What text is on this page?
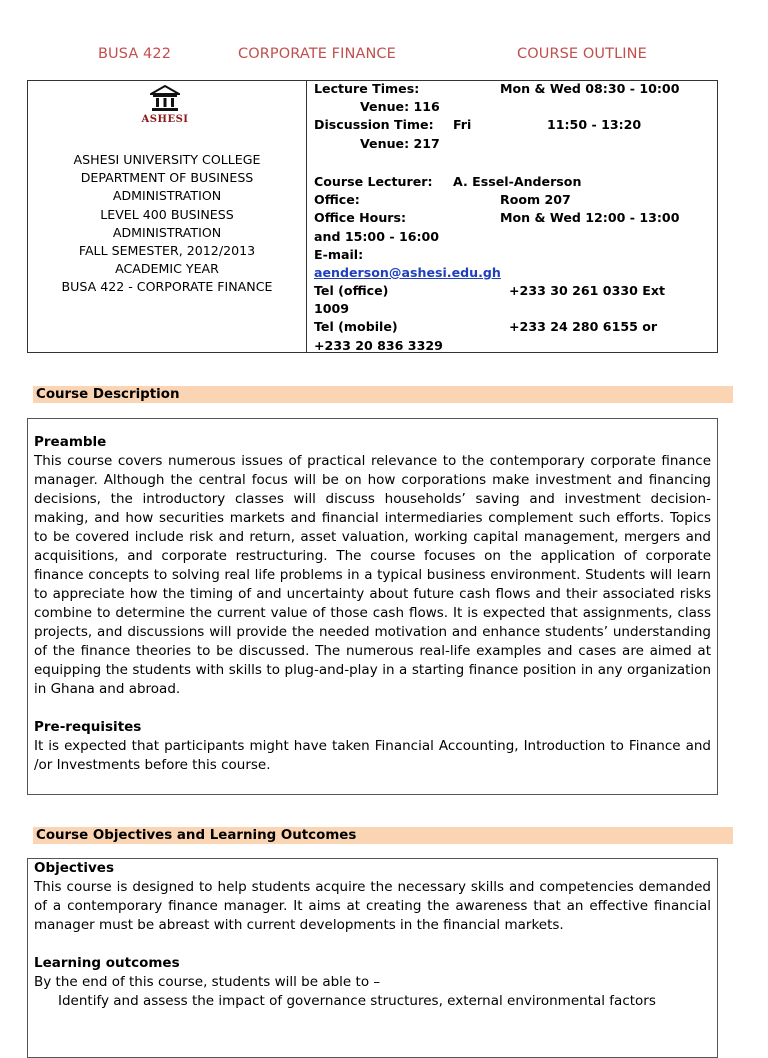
BUSA 422	CORPORATE FINANCE	COURSE OUTLINE
ASHESI
ASHESI UNIVERSITY COLLEGE
DEPARTMENT OF BUSINESS
ADMINISTRATION
LEVEL 400 BUSINESS
ADMINISTRATION
FALL SEMESTER, 2012/2013
ACADEMIC YEAR
BUSA 422 - CORPORATE FINANCE
Lecture Times:	Mon & Wed 08:30 - 10:00
Venue: 116
Discussion Time: Fri	11:50 - 13:20
Venue: 217
Course Lecturer: A. Essel-Anderson
Office:	Room 207
Office Hours:	Mon & Wed 12:00 - 13:00
and 15:00 - 16:00
E-mail:
aenderson@ashesi.edu.gh
Tel (office)	+233 30 261 0330 Ext
1009
Tel (mobile)	+233 24 280 6155 or
+233 20 836 3329
Course Description
Preamble

This course covers numerous issues of practical relevance to the contemporary corporate finance manager. Although the central focus will be on how corporations make investment and financing decisions, the introductory classes will discuss households’ saving and investment decision-making, and how securities markets and financial intermediaries complement such efforts. Topics to be covered include risk and return, asset valuation, working capital management, mergers and acquisitions, and corporate restructuring. The course focuses on the application of corporate finance concepts to solving real life problems in a typical business environment. Students will learn to appreciate how the timing of and uncertainty about future cash flows and their associated risks combine to determine the current value of those cash flows. It is expected that assignments, class projects, and discussions will provide the needed motivation and enhance students’ understanding of the finance theories to be discussed. The numerous real-life examples and cases are aimed at equipping the students with skills to plug-and-play in a starting finance position in any organization in Ghana and abroad.

Pre-requisites

It is expected that participants might have taken Financial Accounting, Introduction to Finance and /or Investments before this course.

Course Objectives and Learning Outcomes
Objectives

This course is designed to help students acquire the necessary skills and competencies demanded of a contemporary finance manager. It aims at creating the awareness that an effective financial manager must be abreast with current developments in the financial markets.

Learning outcomes

By the end of this course, students will be able to –

Identify and assess the impact of governance structures, external environmental factors
